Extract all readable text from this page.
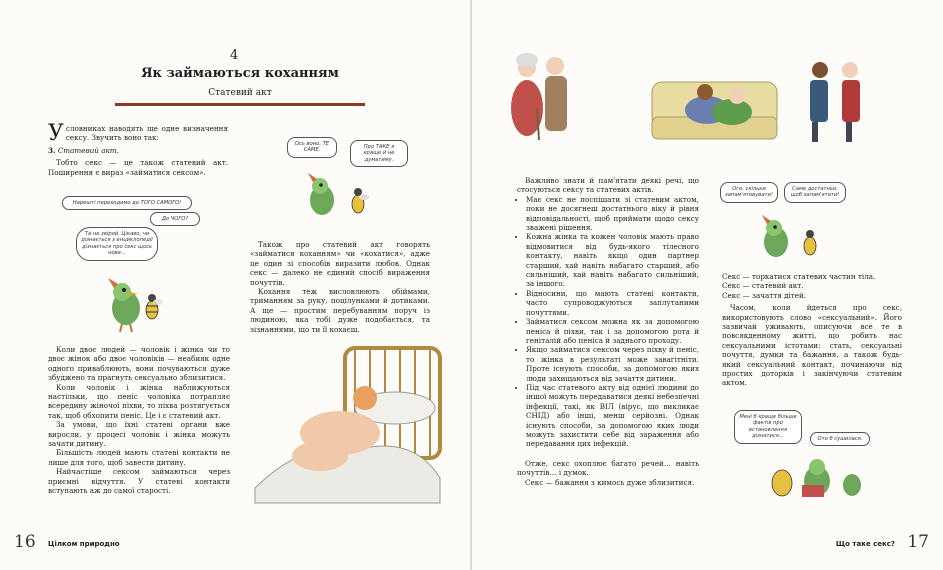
4
Як займаються коханням
Статевий акт

Условниках наводять ще одне визначення сексу. Звучить воно так:

3. Статевий акт.

Тобто секс — це також статевий акт. Поширення є вираз «займатися сексом».

Нарешті переходимо до ТОГО САМОГО!
До ЧОГО?
Та не звіряй. Цікаво, чи дізнається з енциклопедії дізнається про секс щось нове...

Коли двоє людей — чоловік і жінка чи то двоє жінок або двоє чоловіків — неабияк одне одного приваблюють, вони почуваються дуже збуджено та прагнуть сексуально зблизитися.

Коли чоловік і жінка наближуються настільки, що пеніс чоловіка потрапляє всередину жіночої піхви, то піхва розтягується так, щоб обхопити пеніс. Це і є статевий акт.

За умови, що їхні статеві органи вже виросли, у процесі чоловік і жінка можуть зачати дитину.

Більшість людей мають статеві контакти не лише для того, щоб завести дитину.

Найчастіше сексом займаються через приємні відчуття. У статеві контакти вступають аж до самої старості.

Ось воно, ТЕ САМЕ.
Про ТАКЕ я краще й не думатиму.

Також про статевий акт говорять «займатися коханням» чи «кохатися», адже це один зі способів виразити любов. Однак секс — далеко не єдиний спосіб вираження почуттів.

Кохання теж висловлюють обіймами, триманням за руку, поцілунками й дотиками. А ще — простим перебуванням поруч із людиною, яка тобі дуже подобається, та зізнаннями, що ти її кохаєш.

16 Цілком природно

Важливо знати й пам'ятати деякі речі, що стосуються сексу та статевих актів.

• Має секс не поспішати зі статевим актом, поки не досягнеш достатнього віку й рівня відповідальності, щоб приймати щодо сексу зважені рішення.
• Кожна жінка та кожен чоловік мають право відмовитися від будь-якого тілесного контакту, навіть якщо один партнер старший, хай навіть набагато старший, або сильніший, хай навіть набагато сильніший, за іншого.
• Відносини, що мають статеві контакти, часто супроводжуються заплутаними почуттями.
• Займатися сексом можна як за допомогою пеніса й піхви, так і за допомогою рота й геніталій або пеніса й заднього проходу.
• Якщо займатися сексом через піхву й пеніс, то жінка в результаті може завагітніти. Проте існують способи, за допомогою яких люди захищаються від зачаття дитини.
• Під час статевого акту від однієї людини до іншої можуть передаватися деякі небезпечні інфекції, такі, як ВІЛ (вірус, що викликає СНІД) або інші, менш серйозні. Однак існують способи, за допомогою яких люди можуть захистити себе від зараження або передавання цих інфекцій.

Отже, секс охоплює багато речей… навіть почуттів… і думок.

Секс — бажання з кимось дуже зблизитися.

Ого, скільки запам'ятовувати!
Саме достатньо, щоб запам'ятати!

Секс — торкатися статевих частин тіла.

Секс — статевий акт.

Секс — зачаття дітей.

Часом, коли йдеться про секс, використовують слово «сексуальний». Його зазвичай уживають, описуючи все те в повсякденному житті, що робить нас сексуальними істотами: стать, сексуальні почуття, думки та бажання, а також будь-який сексуальний контакт, починаючи від простих доторків і закінчуючи статевим актом.

Мені б краще більше фактів про встановлення дізнатися...	Ото б сушилася.
Що таке секс? 17
